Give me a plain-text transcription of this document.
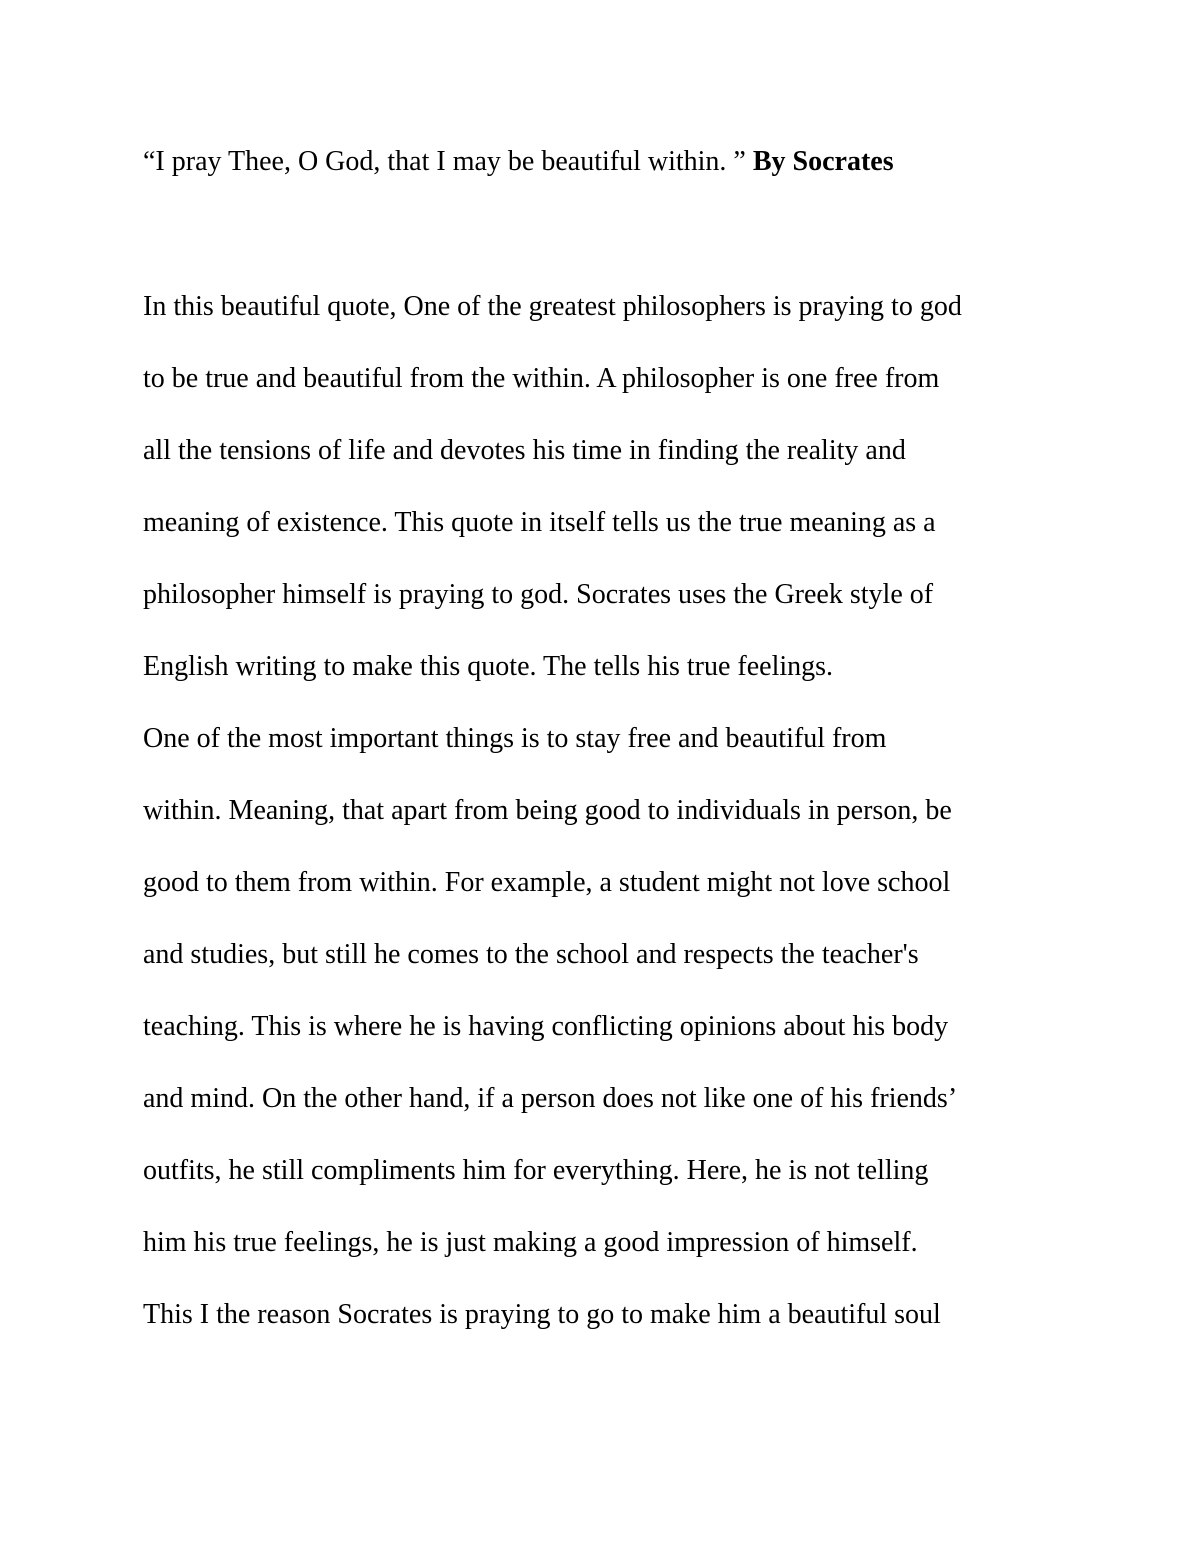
“I pray Thee, O God, that I may be beautiful within. ” By Socrates
In this beautiful quote, One of the greatest philosophers is praying to god
to be true and beautiful from the within. A philosopher is one free from
all the tensions of life and devotes his time in finding the reality and
meaning of existence. This quote in itself tells us the true meaning as a
philosopher himself is praying to god. Socrates uses the Greek style of
English writing to make this quote. The tells his true feelings.
One of the most important things is to stay free and beautiful from
within. Meaning, that apart from being good to individuals in person, be
good to them from within. For example, a student might not love school
and studies, but still he comes to the school and respects the teacher's
teaching. This is where he is having conflicting opinions about his body
and mind. On the other hand, if a person does not like one of his friends’
outfits, he still compliments him for everything. Here, he is not telling
him his true feelings, he is just making a good impression of himself.
This I the reason Socrates is praying to go to make him a beautiful soul
